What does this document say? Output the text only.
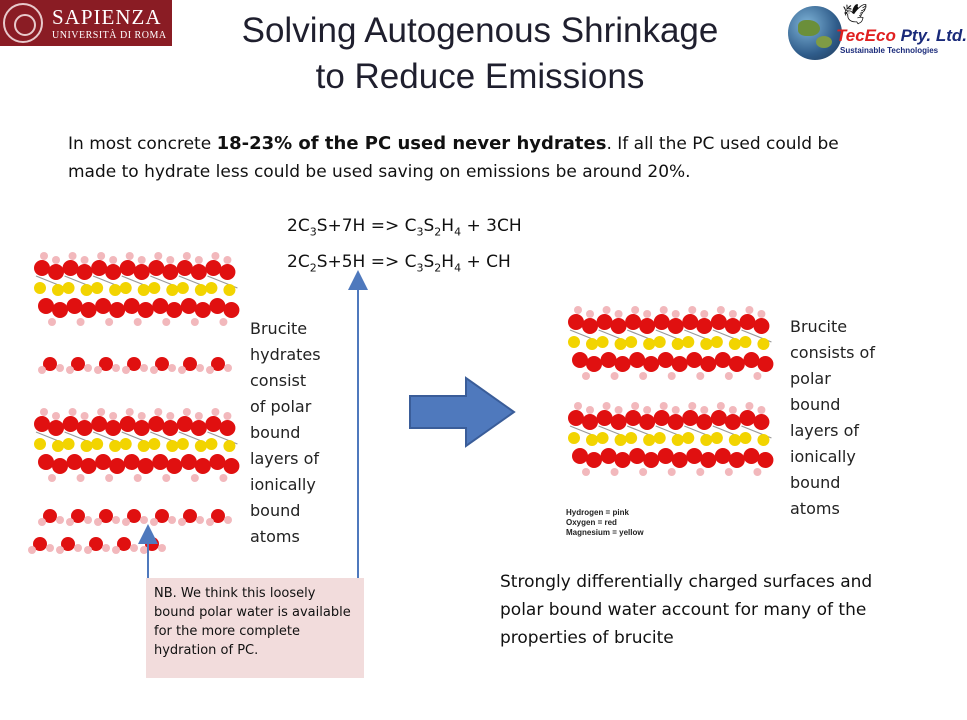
SAPIENZA
UNIVERSITÀ DI ROMA
🕊
TecEco Pty. Ltd.
Sustainable Technologies
Solving Autogenous Shrinkage
to Reduce Emissions
In most concrete 18-23% of the PC used never hydrates. If all the PC used could be made to hydrate less could be used saving on emissions be around 20%.
$2C_3S+7H => C_3S_2H_4 + 3CH$
$2C_2S+5H => C_3S_2H_4$ + CH
Hydrogen = pink
Oxygen = red
Magnesium = yellow
Brucite
hydrates
consist
of polar
bound
layers of
ionically
bound
atoms
Brucite
consists of
polar
bound
layers of
ionically
bound
atoms
NB. We think this loosely bound polar water is available for the more complete hydration of PC.
Strongly differentially charged surfaces and polar bound water account for many of the properties of brucite
